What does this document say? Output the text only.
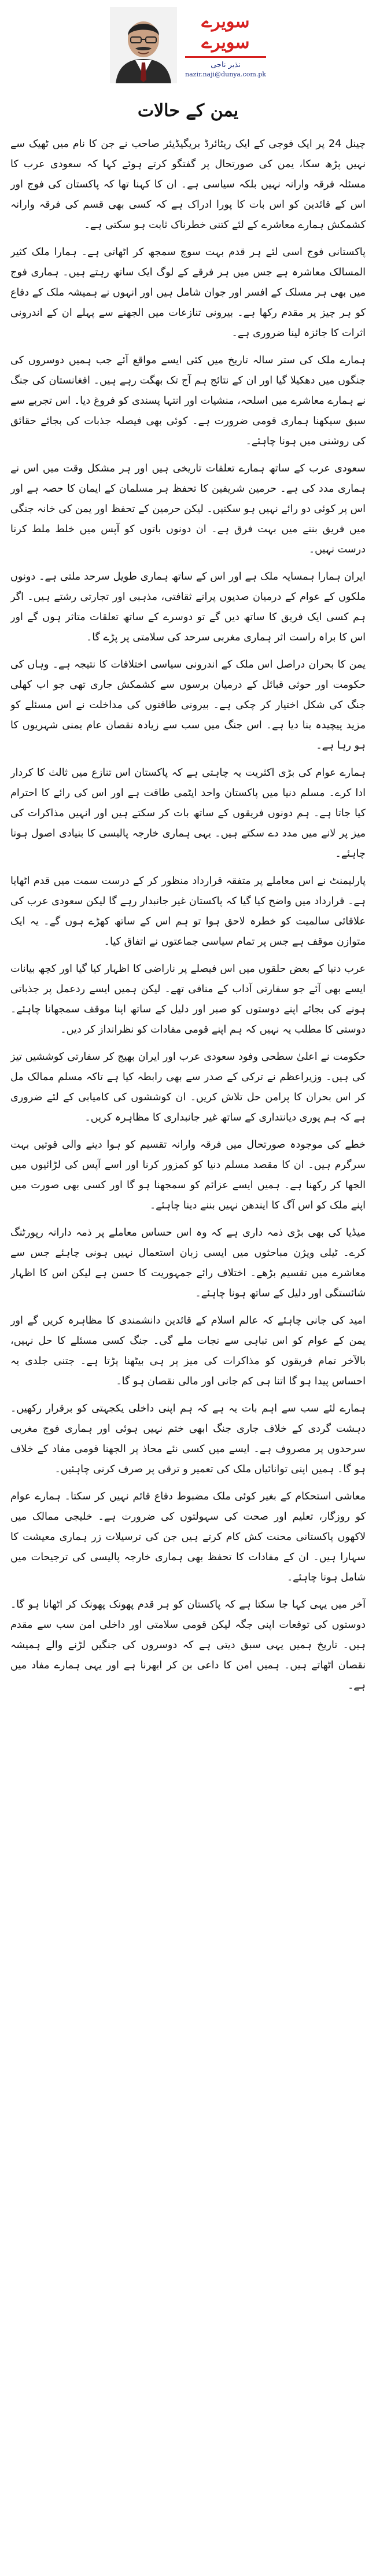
سویرے
سویرے
نذیر ناجی
nazir.naji@dunya.com.pk
یمن کے حالات

چینل 24 پر ایک فوجی کے ایک ریٹائرڈ بریگیڈیئر صاحب نے جن کا نام میں ٹھیک سے نہیں پڑھ سکا، یمن کی صورتحال پر گفتگو کرتے ہوئے کہا کہ سعودی عرب کا مسئلہ فرقہ وارانہ نہیں بلکہ سیاسی ہے۔ ان کا کہنا تھا کہ پاکستان کی فوج اور اس کے قائدین کو اس بات کا پورا ادراک ہے کہ کسی بھی قسم کی فرقہ وارانہ کشمکش ہمارے معاشرے کے لئے کتنی خطرناک ثابت ہو سکتی ہے۔

پاکستانی فوج اسی لئے ہر قدم بہت سوچ سمجھ کر اٹھاتی ہے۔ ہمارا ملک کثیر المسالک معاشرہ ہے جس میں ہر فرقے کے لوگ ایک ساتھ رہتے ہیں۔ ہماری فوج میں بھی ہر مسلک کے افسر اور جوان شامل ہیں اور انہوں نے ہمیشہ ملک کے دفاع کو ہر چیز پر مقدم رکھا ہے۔ بیرونی تنازعات میں الجھنے سے پہلے ان کے اندرونی اثرات کا جائزہ لینا ضروری ہے۔

ہمارے ملک کی ستر سالہ تاریخ میں کئی ایسے مواقع آئے جب ہمیں دوسروں کی جنگوں میں دھکیلا گیا اور ان کے نتائج ہم آج تک بھگت رہے ہیں۔ افغانستان کی جنگ نے ہمارے معاشرے میں اسلحہ، منشیات اور انتہا پسندی کو فروغ دیا۔ اس تجربے سے سبق سیکھنا ہماری قومی ضرورت ہے۔ کوئی بھی فیصلہ جذبات کی بجائے حقائق کی روشنی میں ہونا چاہئے۔

سعودی عرب کے ساتھ ہمارے تعلقات تاریخی ہیں اور ہر مشکل وقت میں اس نے ہماری مدد کی ہے۔ حرمین شریفین کا تحفظ ہر مسلمان کے ایمان کا حصہ ہے اور اس پر کوئی دو رائے نہیں ہو سکتیں۔ لیکن حرمین کے تحفظ اور یمن کی خانہ جنگی میں فریق بننے میں بہت فرق ہے۔ ان دونوں باتوں کو آپس میں خلط ملط کرنا درست نہیں۔

ایران ہمارا ہمسایہ ملک ہے اور اس کے ساتھ ہماری طویل سرحد ملتی ہے۔ دونوں ملکوں کے عوام کے درمیان صدیوں پرانے ثقافتی، مذہبی اور تجارتی رشتے ہیں۔ اگر ہم کسی ایک فریق کا ساتھ دیں گے تو دوسرے کے ساتھ تعلقات متاثر ہوں گے اور اس کا براہ راست اثر ہماری مغربی سرحد کی سلامتی پر پڑے گا۔

یمن کا بحران دراصل اس ملک کے اندرونی سیاسی اختلافات کا نتیجہ ہے۔ وہاں کی حکومت اور حوثی قبائل کے درمیان برسوں سے کشمکش جاری تھی جو اب کھلی جنگ کی شکل اختیار کر چکی ہے۔ بیرونی طاقتوں کی مداخلت نے اس مسئلے کو مزید پیچیدہ بنا دیا ہے۔ اس جنگ میں سب سے زیادہ نقصان عام یمنی شہریوں کا ہو رہا ہے۔

ہمارے عوام کی بڑی اکثریت یہ چاہتی ہے کہ پاکستان اس تنازع میں ثالث کا کردار ادا کرے۔ مسلم دنیا میں پاکستان واحد ایٹمی طاقت ہے اور اس کی رائے کا احترام کیا جاتا ہے۔ ہم دونوں فریقوں کے ساتھ بات کر سکتے ہیں اور انہیں مذاکرات کی میز پر لانے میں مدد دے سکتے ہیں۔ یہی ہماری خارجہ پالیسی کا بنیادی اصول ہونا چاہئے۔

پارلیمنٹ نے اس معاملے پر متفقہ قرارداد منظور کر کے درست سمت میں قدم اٹھایا ہے۔ قرارداد میں واضح کیا گیا کہ پاکستان غیر جانبدار رہے گا لیکن سعودی عرب کی علاقائی سالمیت کو خطرہ لاحق ہوا تو ہم اس کے ساتھ کھڑے ہوں گے۔ یہ ایک متوازن موقف ہے جس پر تمام سیاسی جماعتوں نے اتفاق کیا۔

عرب دنیا کے بعض حلقوں میں اس فیصلے پر ناراضی کا اظہار کیا گیا اور کچھ بیانات ایسے بھی آئے جو سفارتی آداب کے منافی تھے۔ لیکن ہمیں ایسے ردعمل پر جذباتی ہونے کی بجائے اپنے دوستوں کو صبر اور دلیل کے ساتھ اپنا موقف سمجھانا چاہئے۔ دوستی کا مطلب یہ نہیں کہ ہم اپنے قومی مفادات کو نظرانداز کر دیں۔

حکومت نے اعلیٰ سطحی وفود سعودی عرب اور ایران بھیج کر سفارتی کوششیں تیز کی ہیں۔ وزیراعظم نے ترکی کے صدر سے بھی رابطہ کیا ہے تاکہ مسلم ممالک مل کر اس بحران کا پرامن حل تلاش کریں۔ ان کوششوں کی کامیابی کے لئے ضروری ہے کہ ہم پوری دیانتداری کے ساتھ غیر جانبداری کا مظاہرہ کریں۔

خطے کی موجودہ صورتحال میں فرقہ وارانہ تقسیم کو ہوا دینے والی قوتیں بہت سرگرم ہیں۔ ان کا مقصد مسلم دنیا کو کمزور کرنا اور اسے آپس کی لڑائیوں میں الجھا کر رکھنا ہے۔ ہمیں ایسے عزائم کو سمجھنا ہو گا اور کسی بھی صورت میں اپنے ملک کو اس آگ کا ایندھن نہیں بننے دینا چاہئے۔

میڈیا کی بھی بڑی ذمہ داری ہے کہ وہ اس حساس معاملے پر ذمہ دارانہ رپورٹنگ کرے۔ ٹیلی ویژن مباحثوں میں ایسی زبان استعمال نہیں ہونی چاہئے جس سے معاشرے میں تقسیم بڑھے۔ اختلاف رائے جمہوریت کا حسن ہے لیکن اس کا اظہار شائستگی اور دلیل کے ساتھ ہونا چاہئے۔

امید کی جانی چاہئے کہ عالم اسلام کے قائدین دانشمندی کا مظاہرہ کریں گے اور یمن کے عوام کو اس تباہی سے نجات ملے گی۔ جنگ کسی مسئلے کا حل نہیں، بالآخر تمام فریقوں کو مذاکرات کی میز پر ہی بیٹھنا پڑتا ہے۔ جتنی جلدی یہ احساس پیدا ہو گا اتنا ہی کم جانی اور مالی نقصان ہو گا۔

ہمارے لئے سب سے اہم بات یہ ہے کہ ہم اپنی داخلی یکجہتی کو برقرار رکھیں۔ دہشت گردی کے خلاف جاری جنگ ابھی ختم نہیں ہوئی اور ہماری فوج مغربی سرحدوں پر مصروف ہے۔ ایسے میں کسی نئے محاذ پر الجھنا قومی مفاد کے خلاف ہو گا۔ ہمیں اپنی توانائیاں ملک کی تعمیر و ترقی پر صرف کرنی چاہئیں۔

معاشی استحکام کے بغیر کوئی ملک مضبوط دفاع قائم نہیں کر سکتا۔ ہمارے عوام کو روزگار، تعلیم اور صحت کی سہولتوں کی ضرورت ہے۔ خلیجی ممالک میں لاکھوں پاکستانی محنت کش کام کرتے ہیں جن کی ترسیلات زر ہماری معیشت کا سہارا ہیں۔ ان کے مفادات کا تحفظ بھی ہماری خارجہ پالیسی کی ترجیحات میں شامل ہونا چاہئے۔

آخر میں یہی کہا جا سکتا ہے کہ پاکستان کو ہر قدم پھونک پھونک کر اٹھانا ہو گا۔ دوستوں کی توقعات اپنی جگہ لیکن قومی سلامتی اور داخلی امن سب سے مقدم ہیں۔ تاریخ ہمیں یہی سبق دیتی ہے کہ دوسروں کی جنگیں لڑنے والے ہمیشہ نقصان اٹھاتے ہیں۔ ہمیں امن کا داعی بن کر ابھرنا ہے اور یہی ہمارے مفاد میں ہے۔
